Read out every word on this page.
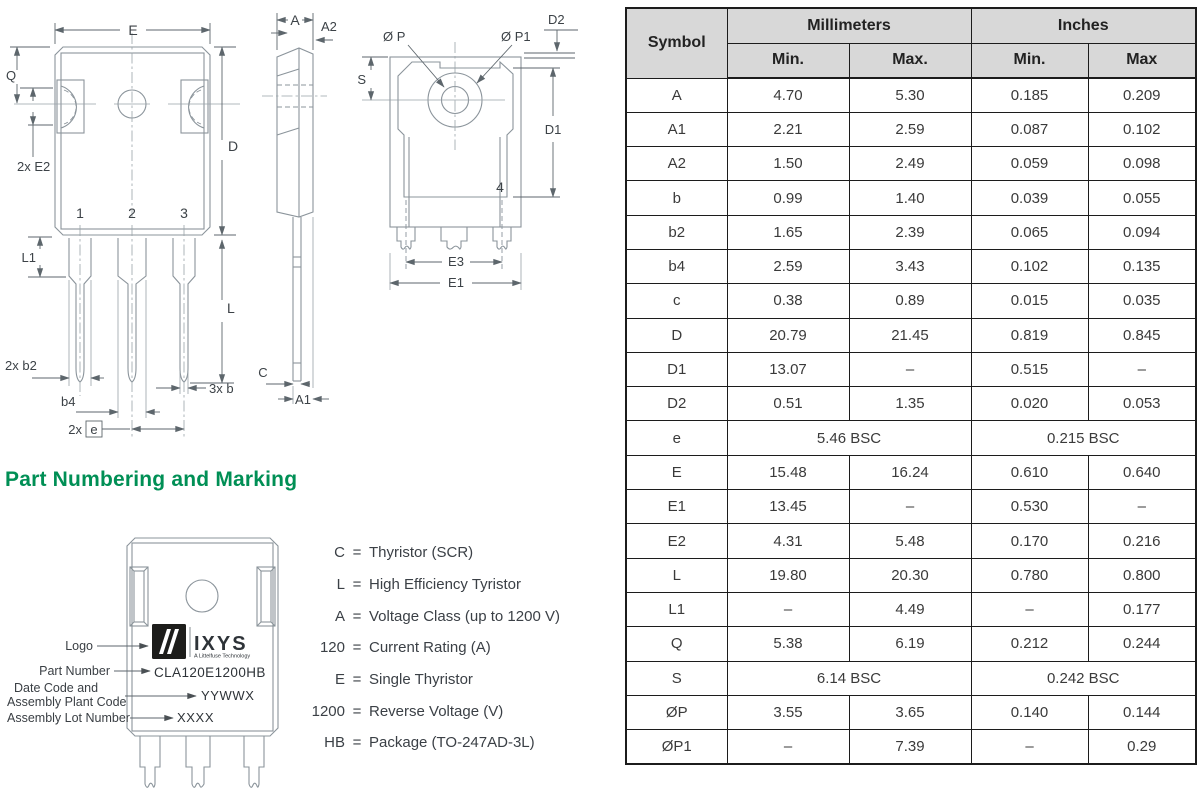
E
Q
2x E2
D
1	2	3
L1
L
2x b2
b4
3x b
2x e
A A2
C
A1
Ø P	Ø P1
D2
S
D1
4
E3
E1
IXYS
A Littelfuse Technology
CLA120E1200HB
YYWWX
XXXX
Logo
Part Number
Date Code and
Assembly Plant Code
Assembly Lot Number
Part Numbering and Marking
C = Thyristor (SCR)
L = High Efficiency Tyristor
A = Voltage Class (up to 1200 V)
120 = Current Rating (A)
E = Single Thyristor
1200 = Reverse Voltage (V)
HB = Package (TO-247AD-3L)
Symbol	Millimeters		Inches	
	Min.	Max.	Min.	Max
A	4.70	5.30	0.185	0.209
A1	2.21	2.59	0.087	0.102
A2	1.50	2.49	0.059	0.098
b	0.99	1.40	0.039	0.055
b2	1.65	2.39	0.065	0.094
b4	2.59	3.43	0.102	0.135
c	0.38	0.89	0.015	0.035
D	20.79	21.45	0.819	0.845
D1	13.07	–	0.515	–
D2	0.51	1.35	0.020	0.053
e	5.46 BSC		0.215 BSC	
E	15.48	16.24	0.610	0.640
E1	13.45	–	0.530	–
E2	4.31	5.48	0.170	0.216
L	19.80	20.30	0.780	0.800
L1	–	4.49	–	0.177
Q	5.38	6.19	0.212	0.244
S	6.14 BSC		0.242 BSC	
ØP	3.55	3.65	0.140	0.144
ØP1	–	7.39	–	0.29
